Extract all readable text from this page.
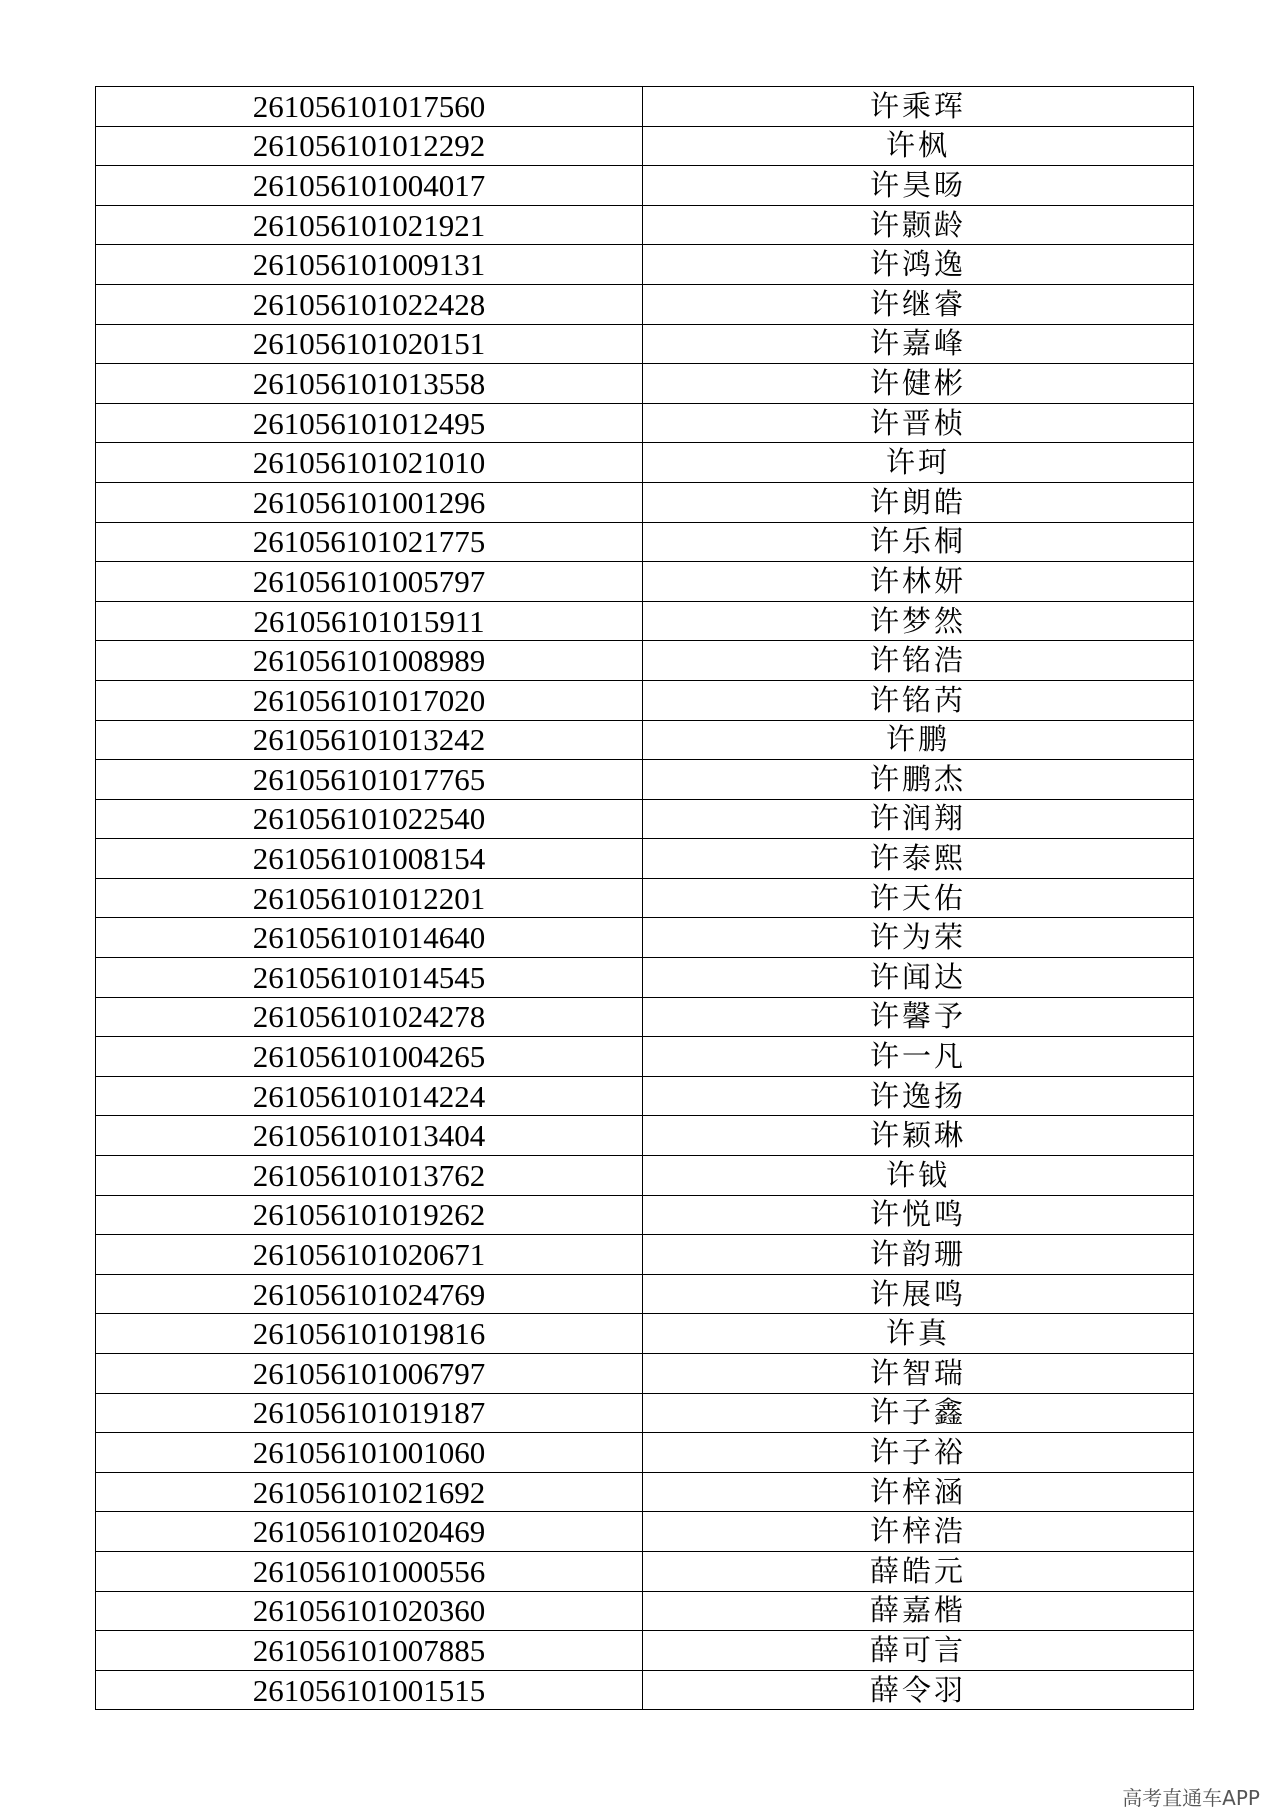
261056101017560	许乘珲
261056101012292	许枫
261056101004017	许昊旸
261056101021921	许颢龄
261056101009131	许鸿逸
261056101022428	许继睿
261056101020151	许嘉峰
261056101013558	许健彬
261056101012495	许晋桢
261056101021010	许珂
261056101001296	许朗皓
261056101021775	许乐桐
261056101005797	许林妍
261056101015911	许梦然
261056101008989	许铭浩
261056101017020	许铭芮
261056101013242	许鹏
261056101017765	许鹏杰
261056101022540	许润翔
261056101008154	许泰熙
261056101012201	许天佑
261056101014640	许为荣
261056101014545	许闻达
261056101024278	许馨予
261056101004265	许一凡
261056101014224	许逸扬
261056101013404	许颖琳
261056101013762	许钺
261056101019262	许悦鸣
261056101020671	许韵珊
261056101024769	许展鸣
261056101019816	许真
261056101006797	许智瑞
261056101019187	许子鑫
261056101001060	许子裕
261056101021692	许梓涵
261056101020469	许梓浩
261056101000556	薛皓元
261056101020360	薛嘉楷
261056101007885	薛可言
261056101001515	薛令羽
高考直通车APP
